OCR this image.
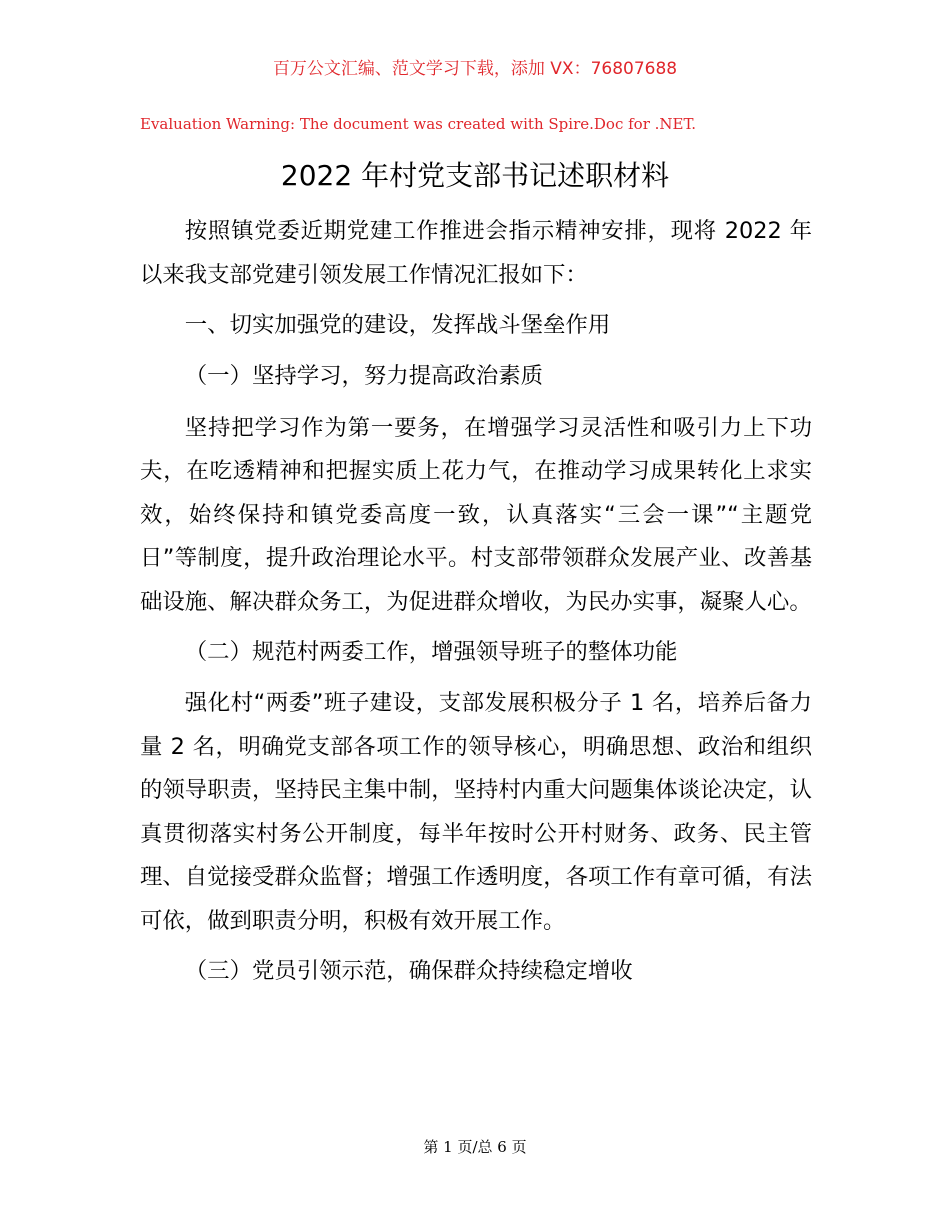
百万公文汇编、范文学习下载，添加 VX：76807688

Evaluation Warning: The document was created with Spire.Doc for .NET.

2022 年村党支部书记述职材料

按照镇党委近期党建工作推进会指示精神安排，现将 2022 年以来我支部党建引领发展工作情况汇报如下：

一、切实加强党的建设，发挥战斗堡垒作用

（一）坚持学习，努力提高政治素质

坚持把学习作为第一要务，在增强学习灵活性和吸引力上下功夫，在吃透精神和把握实质上花力气，在推动学习成果转化上求实效，始终保持和镇党委高度一致，认真落实“三会一课”“主题党日”等制度，提升政治理论水平。村支部带领群众发展产业、改善基础设施、解决群众务工，为促进群众增收，为民办实事，凝聚人心。

（二）规范村两委工作，增强领导班子的整体功能

强化村“两委”班子建设，支部发展积极分子 1 名，培养后备力量 2 名，明确党支部各项工作的领导核心，明确思想、政治和组织的领导职责，坚持民主集中制，坚持村内重大问题集体谈论决定，认真贯彻落实村务公开制度，每半年按时公开村财务、政务、民主管理、自觉接受群众监督；增强工作透明度，各项工作有章可循，有法可依，做到职责分明，积极有效开展工作。

（三）党员引领示范，确保群众持续稳定增收

第 1 页/总 6 页
